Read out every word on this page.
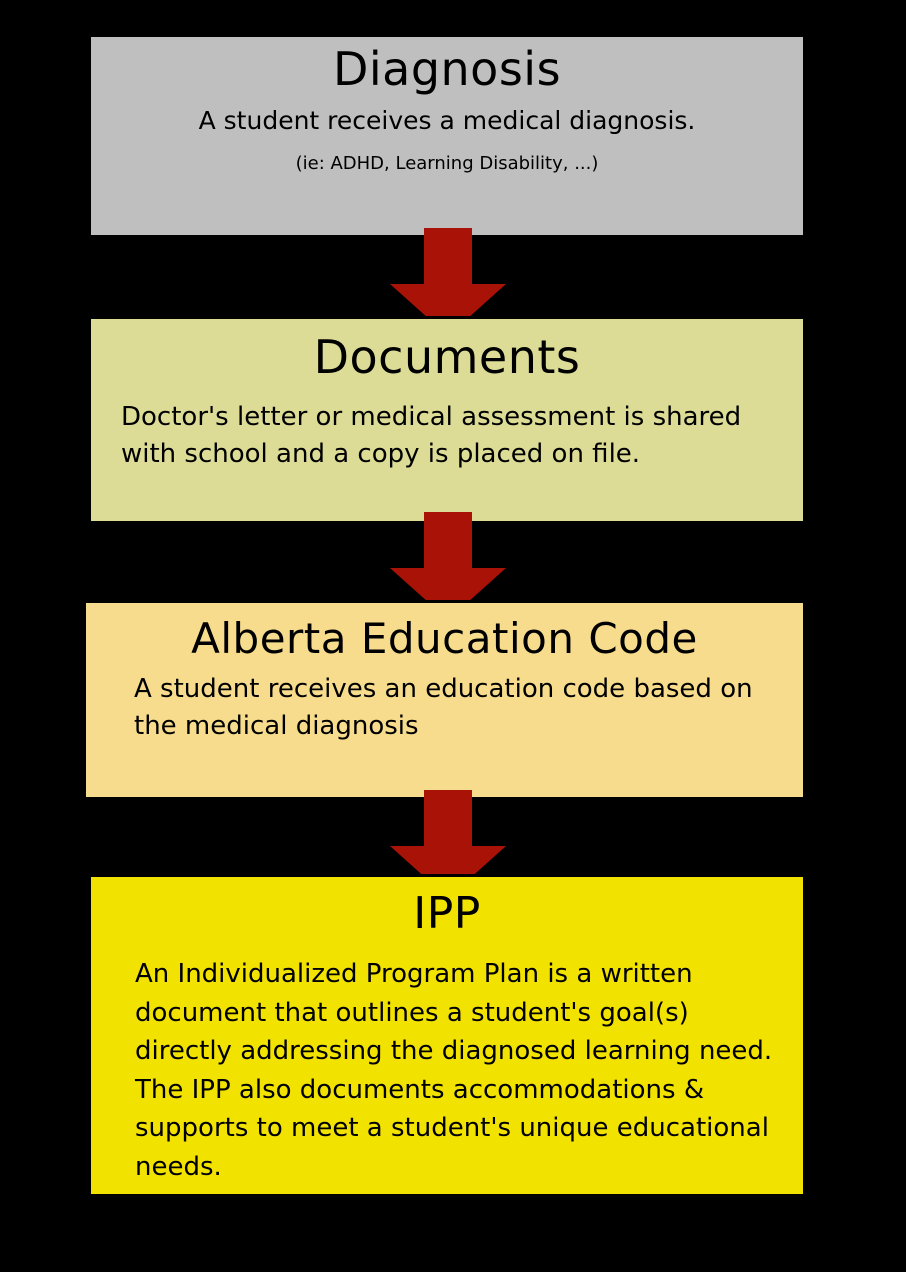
Diagnosis
A student receives a medical diagnosis.
(ie: ADHD, Learning Disability, ...)
Documents
Doctor's letter or medical assessment is shared with school and a copy is placed on file.
Alberta Education Code
A student receives an education code based on the medical diagnosis
IPP
An Individualized Program Plan is a written document that outlines a student's goal(s) directly addressing the diagnosed learning need. The IPP also documents accommodations & supports to meet a student's unique educational needs.
